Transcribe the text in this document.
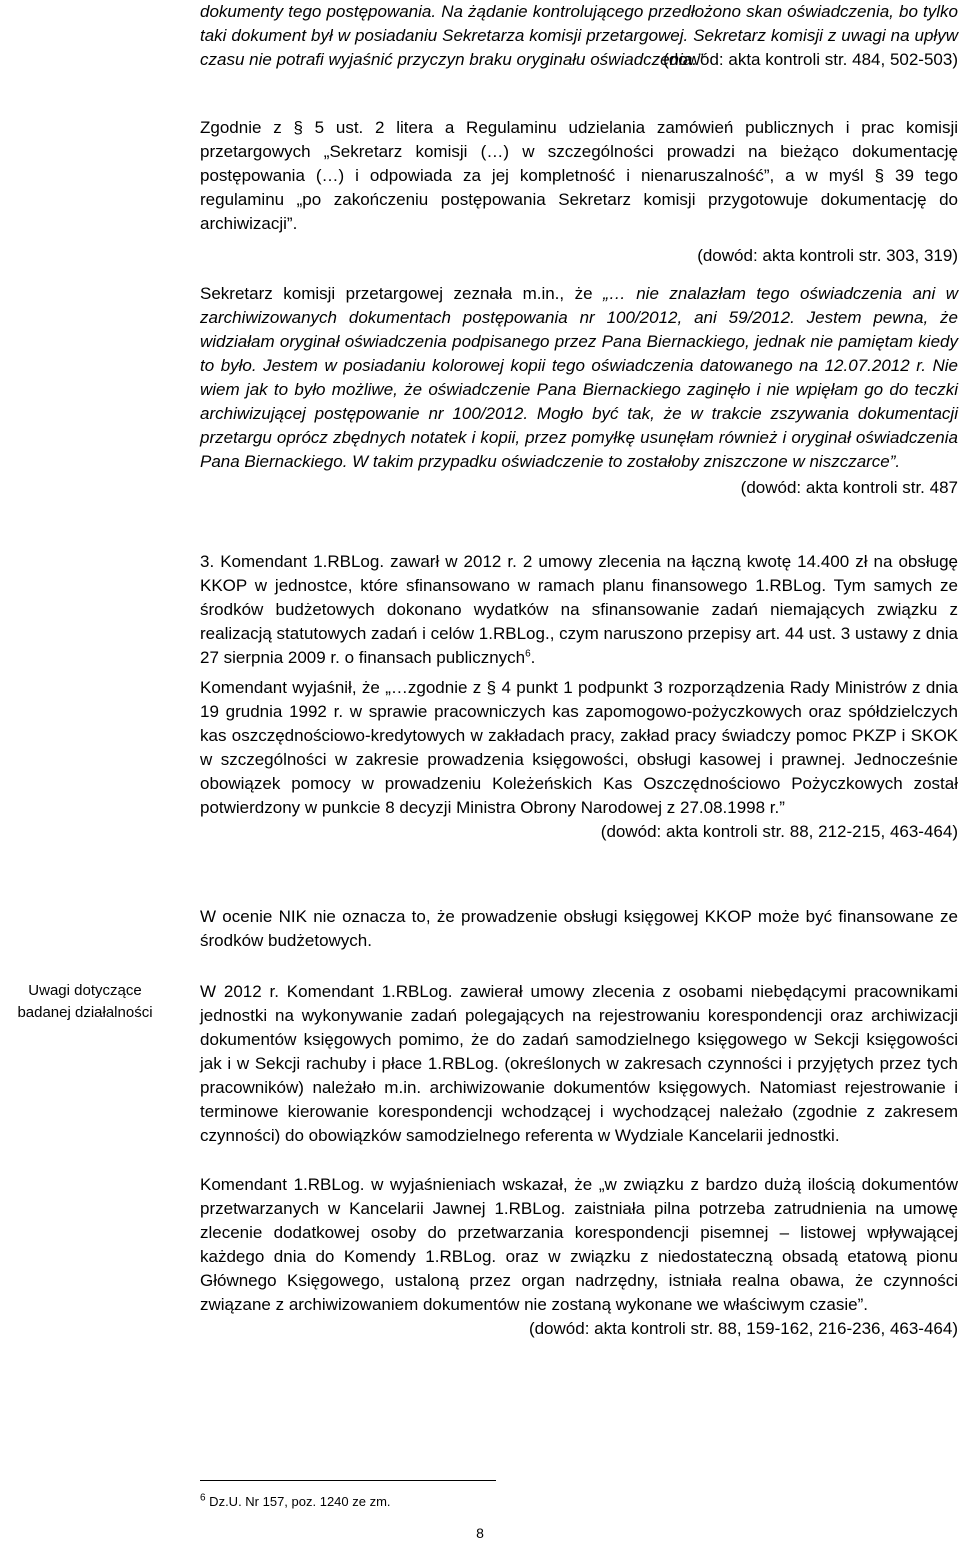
Uwagi dotyczące
badanej działalności

dokumenty tego postępowania. Na żądanie kontrolującego przedłożono skan oświadczenia, bo tylko taki dokument był w posiadaniu Sekretarza komisji przetargowej. Sekretarz komisji z uwagi na upływ czasu nie potrafi wyjaśnić przyczyn braku oryginału oświadczenia.”

(dowód: akta kontroli str. 484, 502-503)

Zgodnie z § 5 ust. 2 litera a Regulaminu udzielania zamówień publicznych i prac komisji przetargowych „Sekretarz komisji (…) w szczególności prowadzi na bieżąco dokumentację postępowania (…) i odpowiada za jej kompletność i nienaruszalność”, a w myśl § 39 tego regulaminu „po zakończeniu postępowania Sekretarz komisji przygotowuje dokumentację do archiwizacji”.

(dowód: akta kontroli str. 303, 319)

Sekretarz komisji przetargowej zeznała m.in., że „… nie znalazłam tego oświadczenia ani w zarchiwizowanych dokumentach postępowania nr 100/2012, ani 59/2012. Jestem pewna, że widziałam oryginał oświadczenia podpisanego przez Pana Biernackiego, jednak nie pamiętam kiedy to było. Jestem w posiadaniu kolorowej kopii tego oświadczenia datowanego na 12.07.2012 r. Nie wiem jak to było możliwe, że oświadczenie Pana Biernackiego zaginęło i nie wpięłam go do teczki archiwizującej postępowanie nr 100/2012. Mogło być tak, że w trakcie zszywania dokumentacji przetargu oprócz zbędnych notatek i kopii, przez pomyłkę usunęłam również i oryginał oświadczenia Pana Biernackiego. W takim przypadku oświadczenie to zostałoby zniszczone w niszczarce”.

(dowód: akta kontroli str. 487

3. Komendant 1.RBLog. zawarł w 2012 r. 2 umowy zlecenia na łączną kwotę 14.400 zł na obsługę KKOP w jednostce, które sfinansowano w ramach planu finansowego 1.RBLog. Tym samych ze środków budżetowych dokonano wydatków na sfinansowanie zadań niemających związku z realizacją statutowych zadań i celów 1.RBLog., czym naruszono przepisy art. 44 ust. 3 ustawy z dnia 27 sierpnia 2009 r. o finansach publicznych$^6$.

Komendant wyjaśnił, że „…zgodnie z § 4 punkt 1 podpunkt 3 rozporządzenia Rady Ministrów z dnia 19 grudnia 1992 r. w sprawie pracowniczych kas zapomogowo-pożyczkowych oraz spółdzielczych kas oszczędnościowo-kredytowych w zakładach pracy, zakład pracy świadczy pomoc PKZP i SKOK w szczególności w zakresie prowadzenia księgowości, obsługi kasowej i prawnej. Jednocześnie obowiązek pomocy w prowadzeniu Koleżeńskich Kas Oszczędnościowo Pożyczkowych został potwierdzony w punkcie 8 decyzji Ministra Obrony Narodowej z 27.08.1998 r.”

(dowód: akta kontroli str. 88, 212-215, 463-464)

W ocenie NIK nie oznacza to, że prowadzenie obsługi księgowej KKOP może być finansowane ze środków budżetowych.

W 2012 r. Komendant 1.RBLog. zawierał umowy zlecenia z osobami niebędącymi pracownikami jednostki na wykonywanie zadań polegających na rejestrowaniu korespondencji oraz archiwizacji dokumentów księgowych pomimo, że do zadań samodzielnego księgowego w Sekcji księgowości jak i w Sekcji rachuby i płace 1.RBLog. (określonych w zakresach czynności i przyjętych przez tych pracowników) należało m.in. archiwizowanie dokumentów księgowych. Natomiast rejestrowanie i terminowe kierowanie korespondencji wchodzącej i wychodzącej należało (zgodnie z zakresem czynności) do obowiązków samodzielnego referenta w Wydziale Kancelarii jednostki.

Komendant 1.RBLog. w wyjaśnieniach wskazał, że „w związku z bardzo dużą ilością dokumentów przetwarzanych w Kancelarii Jawnej 1.RBLog. zaistniała pilna potrzeba zatrudnienia na umowę zlecenie dodatkowej osoby do przetwarzania korespondencji pisemnej – listowej wpływającej każdego dnia do Komendy 1.RBLog. oraz w związku z niedostateczną obsadą etatową pionu Głównego Księgowego, ustaloną przez organ nadrzędny, istniała realna obawa, że czynności związane z archiwizowaniem dokumentów nie zostaną wykonane we właściwym czasie”.

(dowód: akta kontroli str. 88, 159-162, 216-236, 463-464)

$^6$ Dz.U. Nr 157, poz. 1240 ze zm.
8
